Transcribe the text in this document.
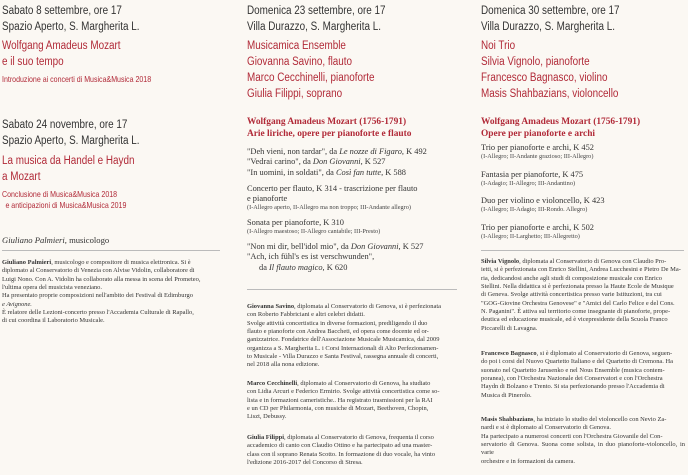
Sabato 8 settembre, ore 17
Spazio Aperto, S. Margherita L.
Wolfgang Amadeus Mozart
e il suo tempo
Introduzione ai concerti di Musica&Musica 2018
Sabato 24 novembre, ore 17
Spazio Aperto, S. Margherita L.
La musica da Handel e Haydn
a Mozart
Conclusione di Musica&Musica 2018
e anticipazioni di Musica&Musica 2019
Giuliano Palmieri, musicologo
Giuliano Palmieri, musicologo e compositore di musica elettronica. Si è
diplomato al Conservatorio di Venezia con Alvise Vidolin, collaboratore di
Luigi Nono. Con A. Vidolin ha collaborato alla messa in scena del Prometeo,
l'ultima opera del musicista veneziano.
Ha presentato proprie composizioni nell'ambito dei Festival di Edimburgo
e Avignone.
È relatore delle Lezioni-concerto presso l'Accademia Culturale di Rapallo,
di cui coordina il Laboratorio Musicale.
Domenica 23 settembre, ore 17
Villa Durazzo, S. Margherita L.
Musicamica Ensemble
Giovanna Savino, flauto
Marco Cecchinelli, pianoforte
Giulia Filippi, soprano
Wolfgang Amadeus Mozart (1756-1791)
Arie liriche, opere per pianoforte e flauto
"Deh vieni, non tardar", da Le nozze di Figaro, K 492
"Vedrai carino", da Don Giovanni, K 527
"In uomini, in soldati", da Così fan tutte, K 588
Concerto per flauto, K 314 - trascrizione per flauto
e pianoforte
(I-Allegro aperto, II-Allegro ma non troppo; III-Andante allegro)
Sonata per pianoforte, K 310
(I-Allegro maestoso; II-Allegro cantabile; III-Presto)
"Non mi dir, bell'idol mio", da Don Giovanni, K 527
"Ach, ich fühl's es ist verschwunden",
da Il flauto magico, K 620
Giovanna Savino, diplomata al Conservatorio di Genova, si è perfezionata
con Roberto Fabbriciani e altri celebri didatti.
Svolge attività concertistica in diverse formazioni, prediligendo il duo
flauto e pianoforte con Andrea Baccheti, ed opera come docente ed or-
ganizzatrice. Fondatrice dell'Associazione Musicale Musicamica, dal 2009
organizza a S. Margherita L. i Corsi Internazionali di Alto Perfezionamen-
to Musicale - Villa Durazzo e Santa Festival, rassegna annuale di concerti,
nel 2018 alla nona edizione.
Marco Cecchinelli, diplomato al Conservatorio di Genova, ha studiato
con Lidia Arcuri e Federico Ermirio. Svolge attività concertistica come so-
lista e in formazioni cameristiche.. Ha registrato trasmissioni per la RAI
e un CD per Philarmonia, con musiche di Mozart, Beethoven, Chopin,
Liszt, Debussy.
Giulia Filippi, diplomata al Conservatorio di Genova, frequenta il corso
accademico di canto con Claudio Ottino e ha partecipato ad una master-
class con il soprano Renata Scotto. In formazione di duo vocale, ha vinto
l'edizione 2016-2017 del Concorso di Stresa.
Domenica 30 settembre, ore 17
Villa Durazzo, S. Margherita L.
Noi Trio
Silvia Vignolo, pianoforte
Francesco Bagnasco, violino
Masis Shahbazians, violoncello
Wolfgang Amadeus Mozart (1756-1791)
Opere per pianoforte e archi
Trio per pianoforte e archi, K 452
(I-Allegro; II-Andante grazioso; III-Allegro)
Fantasia per pianoforte, K 475
(I-Adagio; II-Allegro; III-Andantino)
Duo per violino e violoncello, K 423
(I-Allegro; II-Adagio; III-Rondo. Allegro)
Trio per pianoforte e archi, K 502
(I-Allegro; II-Larghetto; III-Allegretto)
Silvia Vignolo, diplomata al Conservatorio di Genova con Claudio Pro-
ietti, si è perfezionata con Enrico Stellini, Andrea Lucchesini e Pietro De Ma-
ria, dedicandosi anche agli studi di composizione musicale con Enrico
Stellini. Nella didattica si è perfezionata presso la Haute Ecole de Musique
di Geneva. Svolge attività concertistica presso varie Istituzioni, tra cui
"GOG-Giovine Orchestra Genovese" e "Amici del Carlo Felice e del Cons.
N. Paganini". È attiva sul territorio come insegnante di pianoforte, prope-
deutica ed educazione musicale, ed è vicepresidente della Scuola Franco
Piccarelli di Lavagna.
Francesco Bagnasco, si è diplomato al Conservatorio di Genova, seguen-
do poi i corsi del Nuovo Quartetto Italiano e del Quartetto di Cremona. Ha
suonato nel Quartetto Jarusenko e nel Nous Ensemble (musica contem-
poranea), con l'Orchestra Nazionale dei Conservatori e con l'Orchestra
Haydn di Bolzano e Trento. Si sta perfezionando presso l'Accademia di
Musica di Pinerolo.
Masis Shahbazians, ha iniziato lo studio del violoncello con Nevio Za-
nardi e si è diplomato al Conservatorio di Genova.
Ha partecipato a numerosi concerti con l'Orchestra Giovanile del Con-
servatorio di Genova. Suona come solista, in duo pianoforte-violoncello, in varie
orchestre e in formazioni da camera.
